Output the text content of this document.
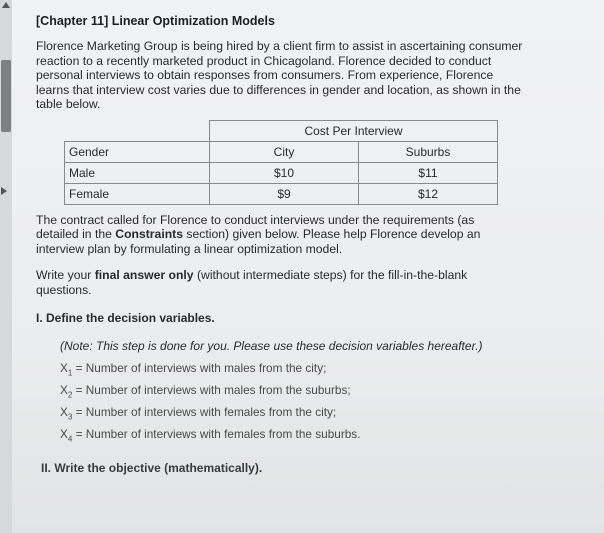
[Chapter 11] Linear Optimization Models

Florence Marketing Group is being hired by a client firm to assist in ascertaining consumer reaction to a recently marketed product in Chicagoland. Florence decided to conduct personal interviews to obtain responses from consumers. From experience, Florence learns that interview cost varies due to differences in gender and location, as shown in the table below.

	Cost Per Interview	
Gender	City	Suburbs
Male	$10	$11
Female	$9	$12

The contract called for Florence to conduct interviews under the requirements (as detailed in the Constraints section) given below. Please help Florence develop an interview plan by formulating a linear optimization model.

Write your final answer only (without intermediate steps) for the fill-in-the-blank questions.

I. Define the decision variables.
(Note: This step is done for you. Please use these decision variables hereafter.)
$X_1$ = Number of interviews with males from the city;
$X_2$ = Number of interviews with males from the suburbs;
$X_3$ = Number of interviews with females from the city;
$X_4$ = Number of interviews with females from the suburbs.
II. Write the objective (mathematically).
